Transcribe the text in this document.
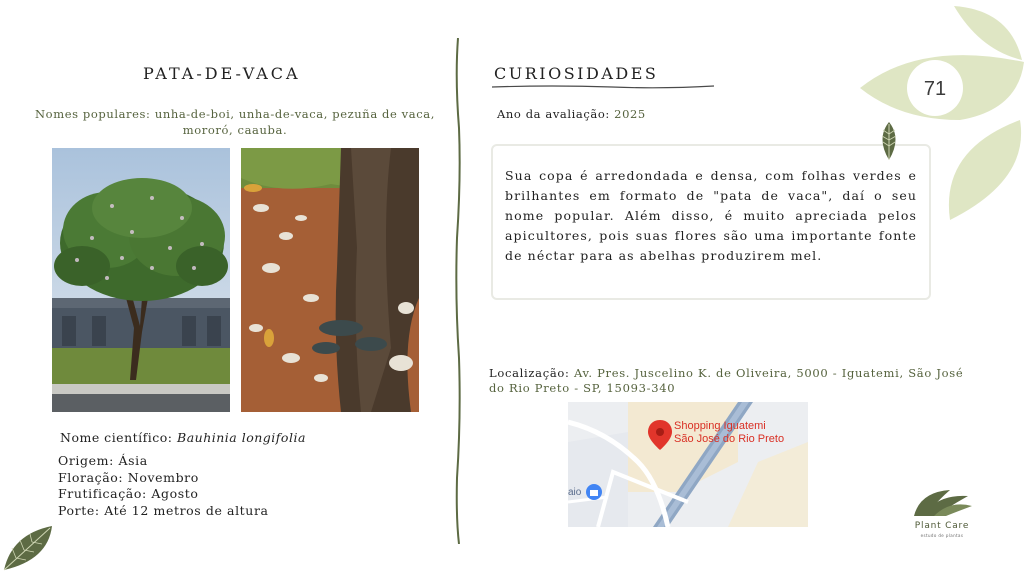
PATA-DE-VACA
Nomes populares: unha-de-boi, unha-de-vaca, pezuña de vaca, mororó, caauba.
Nome científico: Bauhinia longifolia
Origem: Ásia
Floração: Novembro
Frutificação: Agosto
Porte: Até 12 metros de altura
CURIOSIDADES
Ano da avaliação: 2025

Sua copa é arredondada e densa, com folhas verdes e brilhantes em formato de "pata de vaca", daí o seu nome popular. Além disso, é muito apreciada pelos apicultores, pois suas flores são uma importante fonte de néctar para as abelhas produzirem mel.

Localização: Av. Pres. Juscelino K. de Oliveira, 5000 - Iguatemi, São José do Rio Preto - SP, 15093-340
Shopping Iguatemi
São José do Rio Preto
aio
71
Plant Care
estudo de plantas
